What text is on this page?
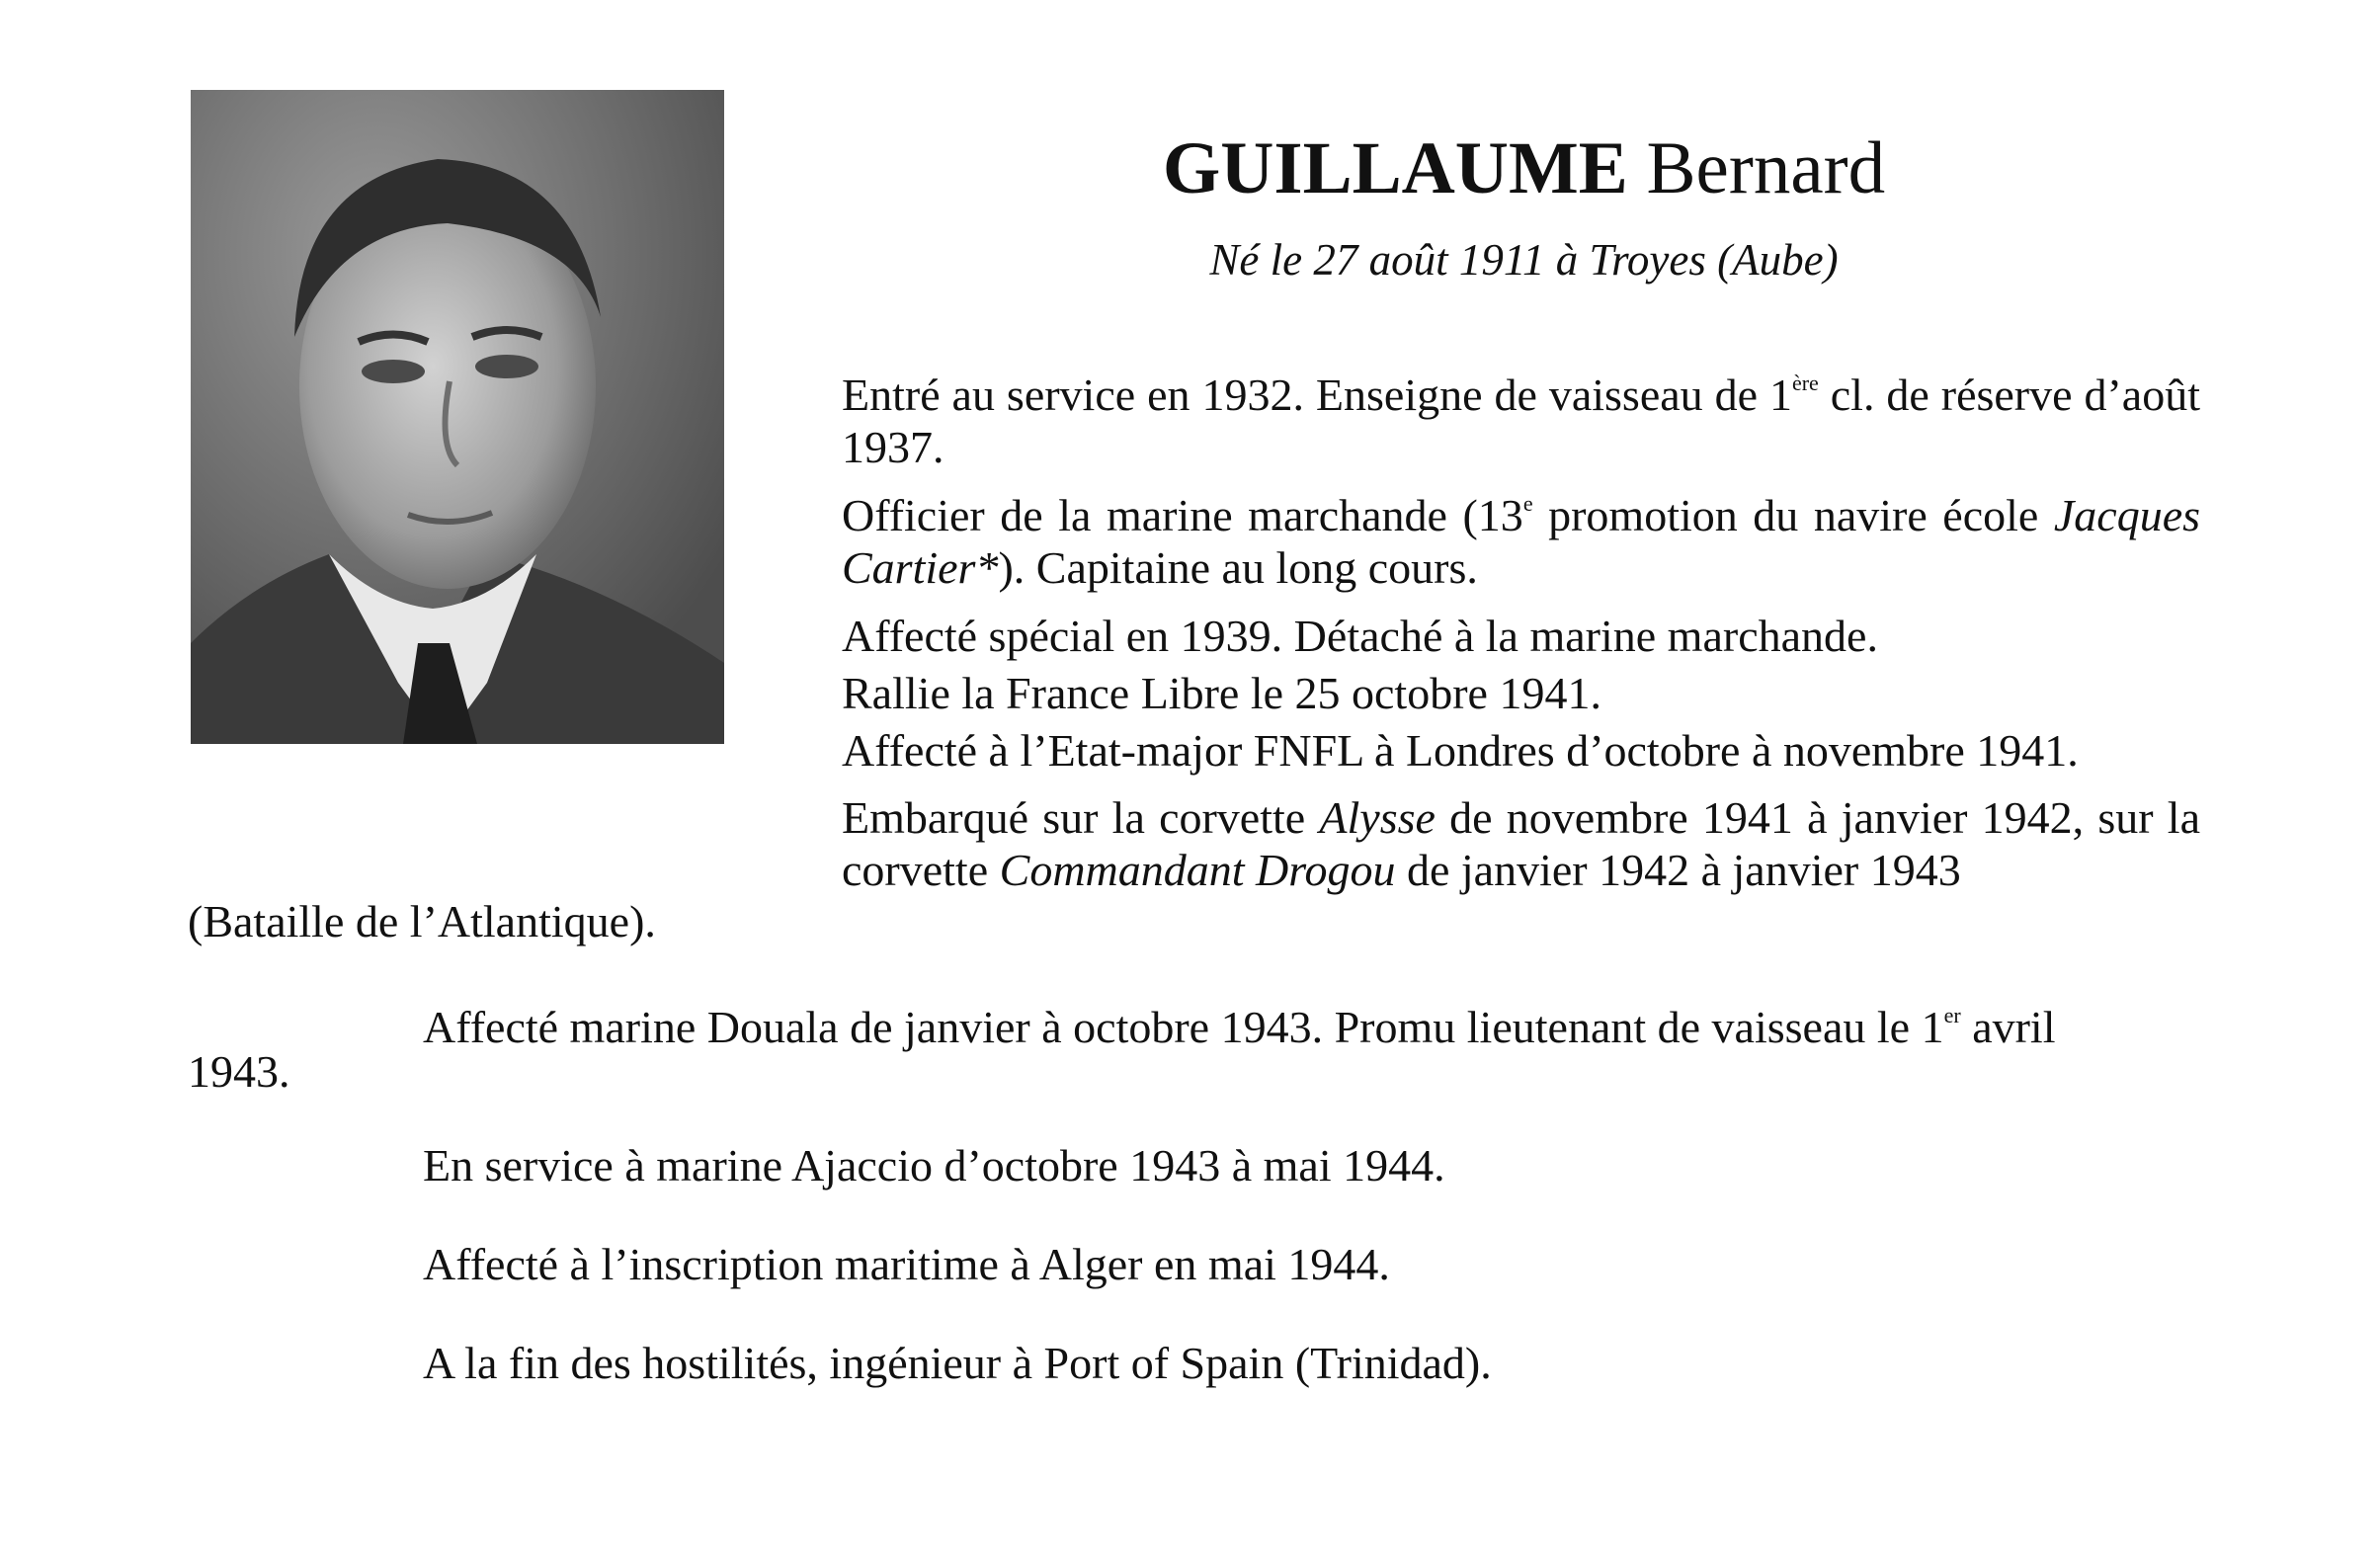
GUILLAUME Bernard
Né le 27 août 1911 à Troyes (Aube)

Entré au service en 1932. Enseigne de vaisseau de 1ère cl. de réserve d’août 1937.

Officier de la marine marchande (13e promotion du navire école Jacques Cartier*). Capitaine au long cours.

Affecté spécial en 1939. Détaché à la marine marchande.

Rallie la France Libre le 25 octobre 1941.

Affecté à l’Etat-major FNFL à Londres d’octobre à novembre 1941.

Embarqué sur la corvette Alysse de novembre 1941 à janvier 1942, sur la corvette Commandant Drogou de janvier 1942 à janvier 1943

(Bataille de l’Atlantique).

Affecté marine Douala de janvier à octobre 1943. Promu lieutenant de vaisseau le 1er avril

1943.

En service à marine Ajaccio d’octobre 1943 à mai 1944.

Affecté à l’inscription maritime à Alger en mai 1944.

A la fin des hostilités, ingénieur à Port of Spain (Trinidad).
